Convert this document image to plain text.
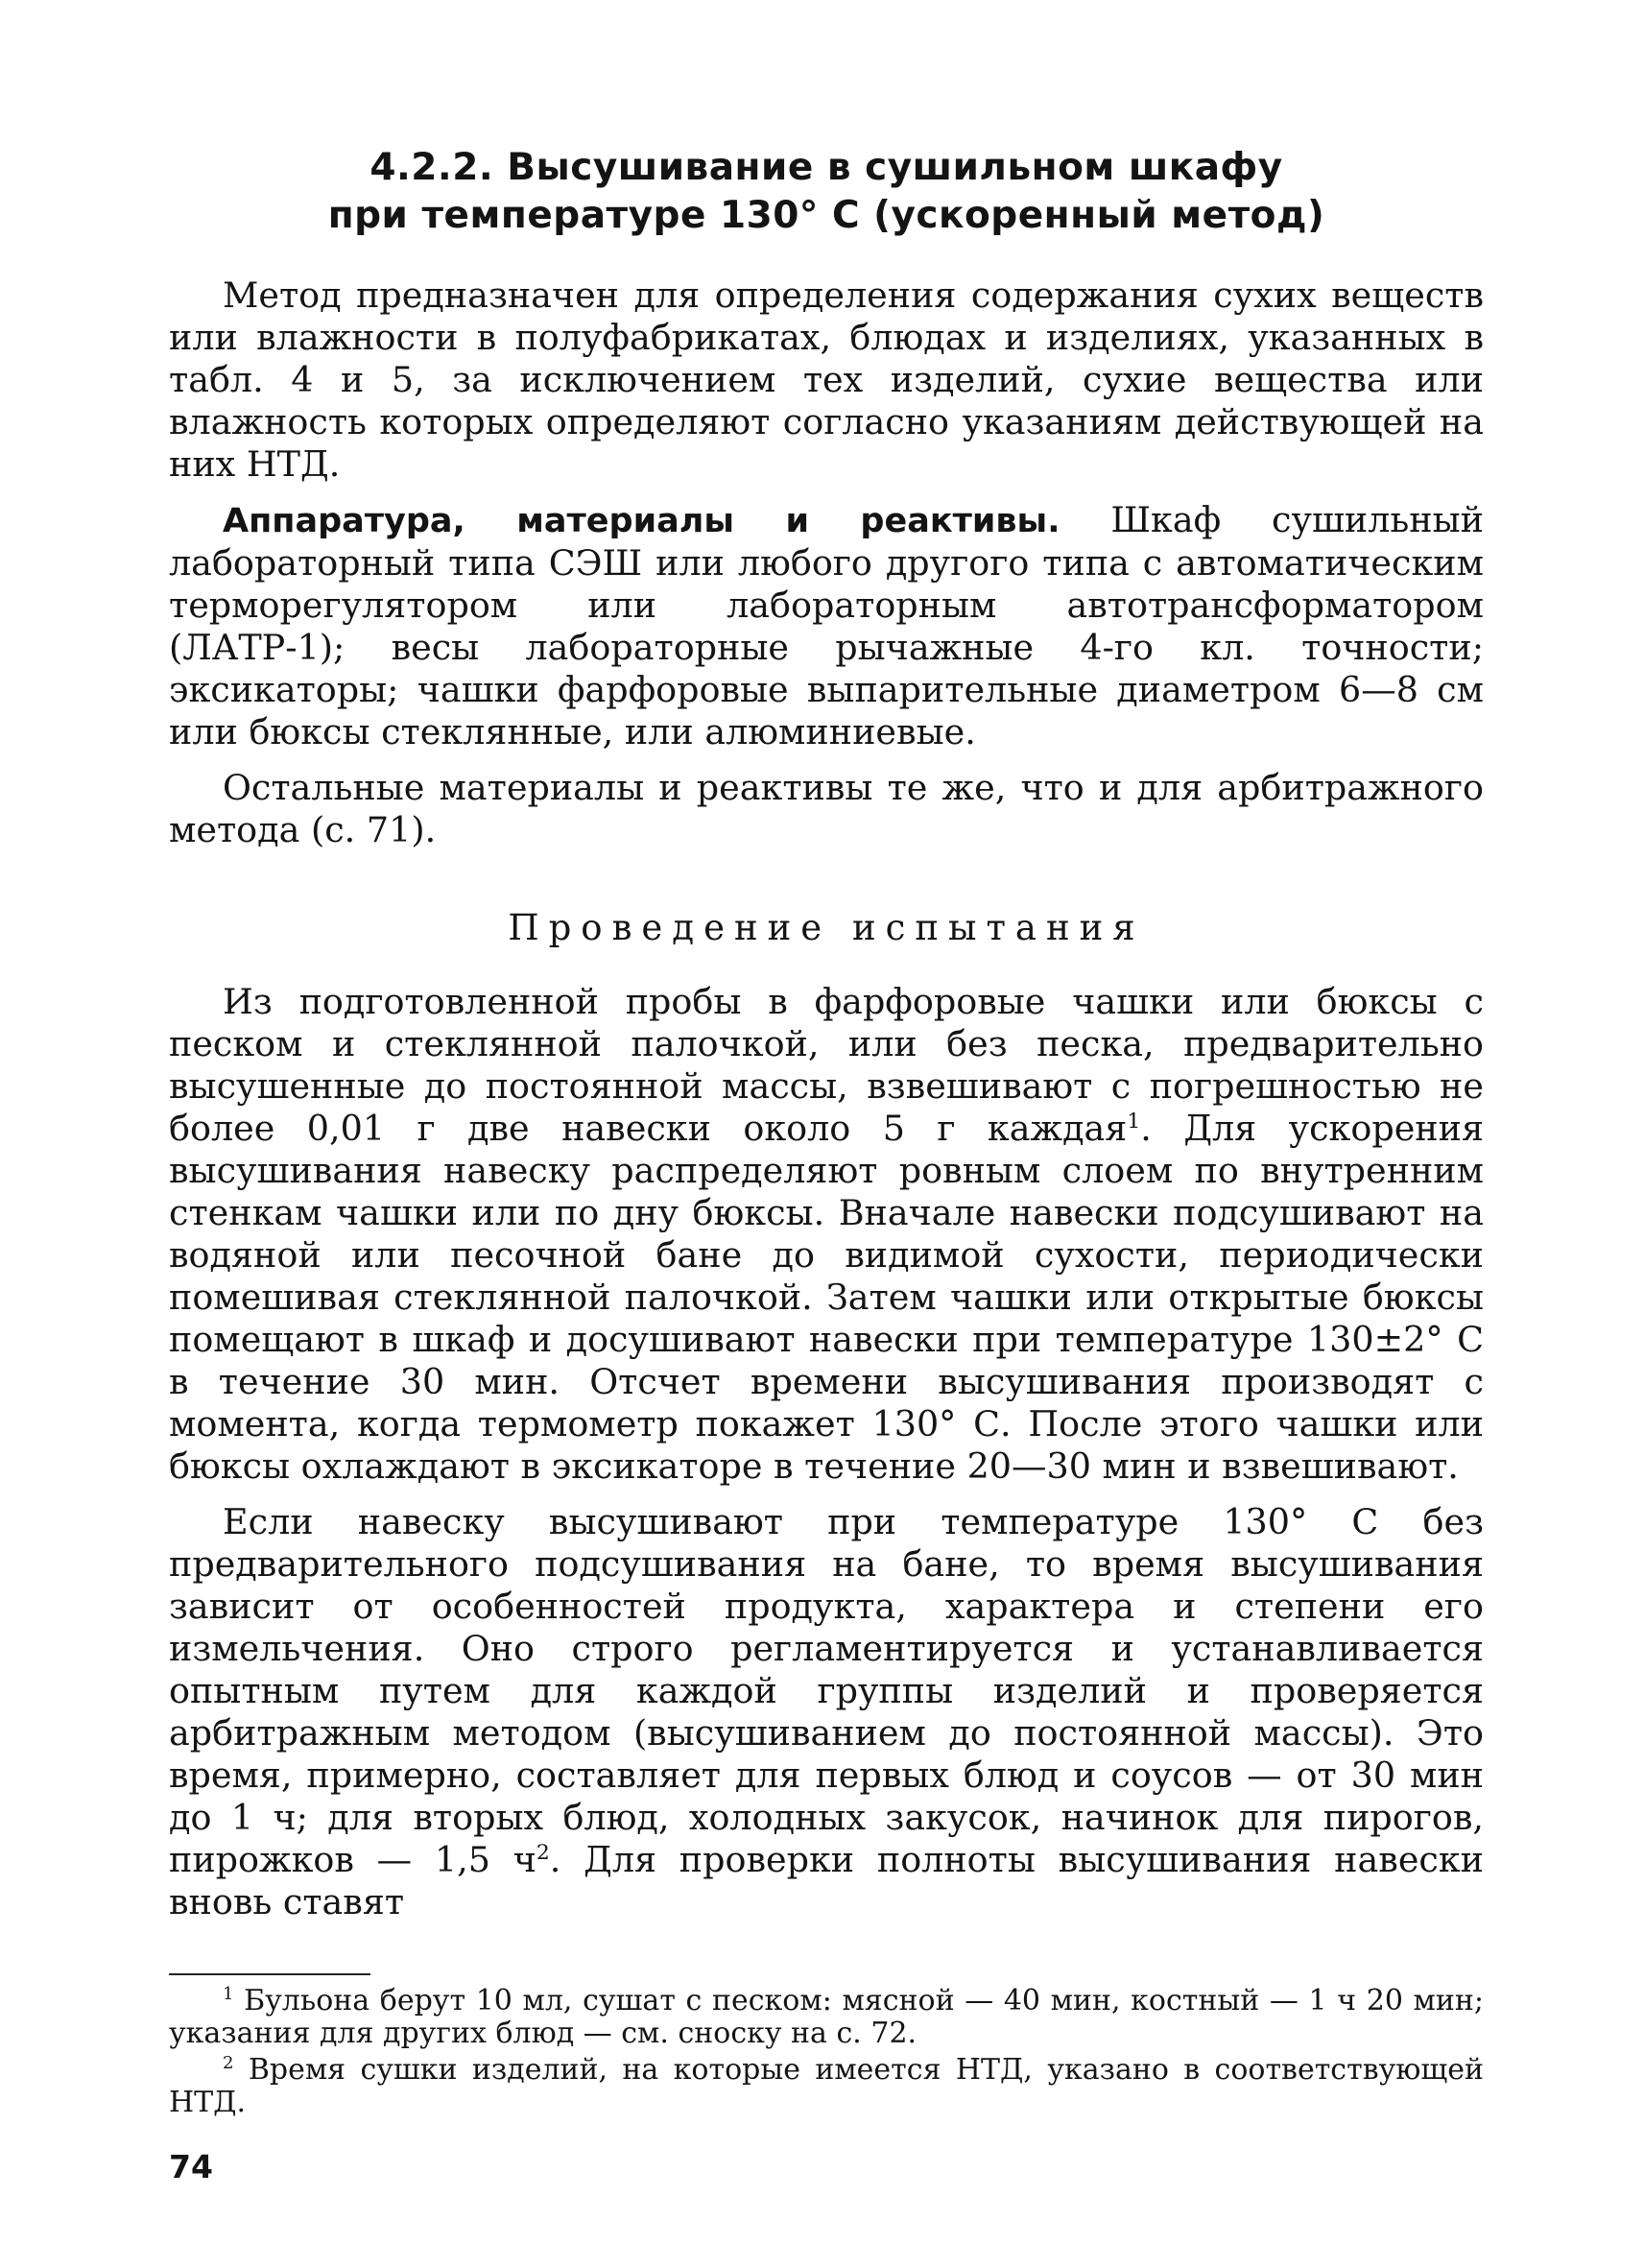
4.2.2. Высушивание в сушильном шкафу
при температуре 130° С (ускоренный метод)

Метод предназначен для определения содержания сухих веществ или влажности в полуфабрикатах, блюдах и изделиях, указанных в табл. 4 и 5, за исключением тех изделий, сухие вещества или влажность которых определяют согласно указаниям действующей на них НТД.

Аппаратура, материалы и реактивы. Шкаф сушильный лабораторный типа СЭШ или любого другого типа с автоматическим терморегулятором или лабораторным автотрансформатором (ЛАТР-1); весы лабораторные рычажные 4-го кл. точности; эксикаторы; чашки фарфоровые выпарительные диаметром 6—8 см или бюксы стеклянные, или алюминиевые.

Остальные материалы и реактивы те же, что и для арбитражного метода (с. 71).

Проведение испытания

Из подготовленной пробы в фарфоровые чашки или бюксы с песком и стеклянной палочкой, или без песка, предварительно высушенные до постоянной массы, взвешивают с погрешностью не более 0,01 г две навески около 5 г каждая$^1$. Для ускорения высушивания навеску распределяют ровным слоем по внутренним стенкам чашки или по дну бюксы. Вначале навески подсушивают на водяной или песочной бане до видимой сухости, периодически помешивая стеклянной палочкой. Затем чашки или открытые бюксы помещают в шкаф и досушивают навески при температуре 130±2° С в течение 30 мин. Отсчет времени высушивания производят с момента, когда термометр покажет 130° С. После этого чашки или бюксы охлаждают в эксикаторе в течение 20—30 мин и взвешивают.

Если навеску высушивают при температуре 130° С без предварительного подсушивания на бане, то время высушивания зависит от особенностей продукта, характера и степени его измельчения. Оно строго регламентируется и устанавливается опытным путем для каждой группы изделий и проверяется арбитражным методом (высушиванием до постоянной массы). Это время, примерно, составляет для первых блюд и соусов — от 30 мин до 1 ч; для вторых блюд, холодных закусок, начинок для пирогов, пирожков — 1,5 $ч^2$. Для проверки полноты высушивания навески вновь ставят

$^1$ Бульона берут 10 мл, сушат с песком: мясной — 40 мин, костный — 1 ч 20 мин; указания для других блюд — см. сноску на с. 72.

$^2$ Время сушки изделий, на которые имеется НТД, указано в соответствующей НТД.

74
